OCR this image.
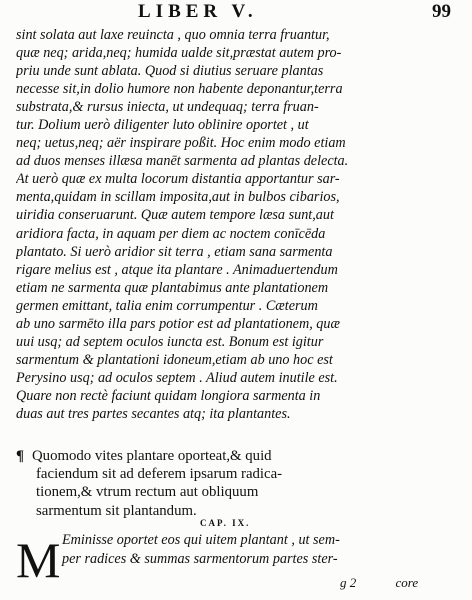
LIBER V.	99
sint solata aut laxe reuincta , quo omnia terra fruantur,
quæ neq; arida,neq; humida ualde sit,præstat autem pro-
priu unde sunt ablata. Quod si diutius seruare plantas
necesse sit,in dolio humore non habente deponantur,terra
substrata,& rursus iniecta, ut undequaq; terra fruan-
tur. Dolium uerò diligenter luto oblinire oportet , ut
neq; uetus,neq; aër inspirare poßit. Hoc enim modo etiam
ad duos menses illæsa manēt sarmenta ad plantas delecta.
At uerò quæ ex multa locorum distantia apportantur sar-
menta,quidam in scillam imposita,aut in bulbos cibarios,
uiridia conseruarunt. Quæ autem tempore læsa sunt,aut
aridiora facta, in aquam per diem ac noctem conīcēda
plantato. Si uerò aridior sit terra , etiam sana sarmenta
rigare melius est , atque ita plantare . Animaduertendum
etiam ne sarmenta quæ plantabimus ante plantationem
germen emittant, talia enim corrumpentur . Cæterum
ab uno sarmēto illa pars potior est ad plantationem, quæ
uui usq; ad septem oculos iuncta est. Bonum est igitur
sarmentum & plantationi idoneum,etiam ab uno hoc est
Perysino usq; ad oculos septem . Aliud autem inutile est.
Quare non rectè faciunt quidam longiora sarmenta in
duas aut tres partes secantes atq; ita plantantes.
¶ Quomodo vites plantare oporteat,& quid
faciendum sit ad deferem ipsarum radica-
tionem,& vtrum rectum aut obliquum
sarmentum sit plantandum.
CAP. IX.
M Eminisse oportet eos qui uitem plantant , ut sem-
per radices & summas sarmentorum partes ster-
g 2	core
